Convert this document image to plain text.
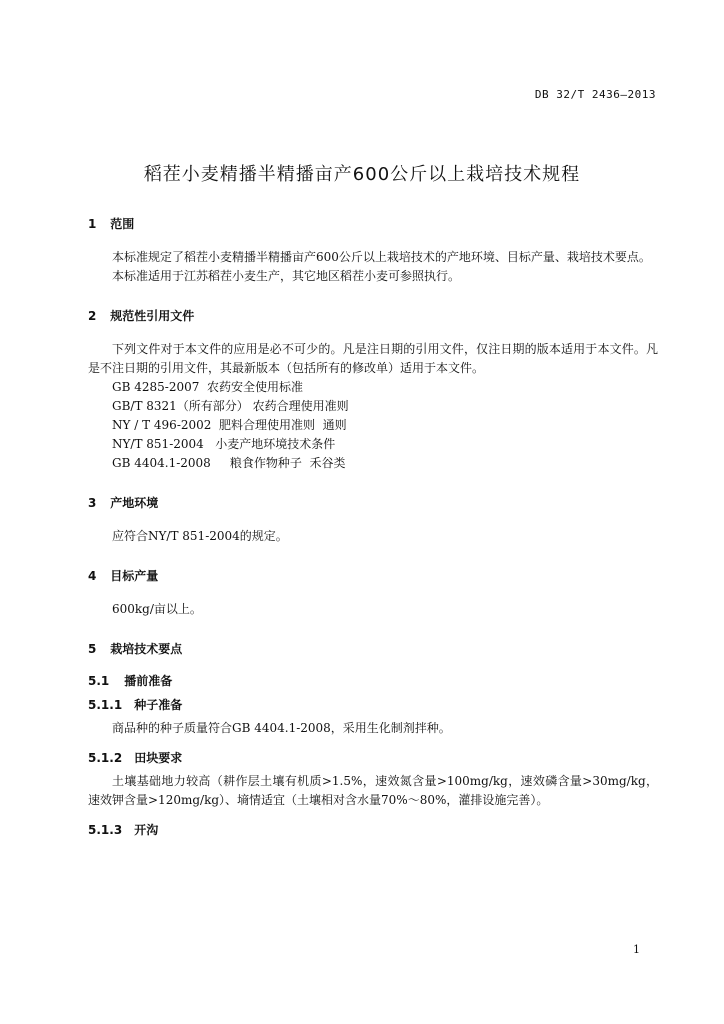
DB 32/T 2436—2013
稻茬小麦精播半精播亩产600公斤以上栽培技术规程
1 范围

本标准规定了稻茬小麦精播半精播亩产600公斤以上栽培技术的产地环境、目标产量、栽培技术要点。

本标准适用于江苏稻茬小麦生产，其它地区稻茬小麦可参照执行。

2 规范性引用文件

下列文件对于本文件的应用是必不可少的。凡是注日期的引用文件，仅注日期的版本适用于本文件。凡是不注日期的引用文件，其最新版本（包括所有的修改单）适用于本文件。

GB 4285-2007  农药安全使用标准
GB/T 8321（所有部分） 农药合理使用准则
NY / T 496-2002  肥料合理使用准则  通则
NY/T 851-2004   小麦产地环境技术条件
GB 4404.1-2008     粮食作物种子  禾谷类
3 产地环境

应符合NY/T 851-2004的规定。

4 目标产量

600kg/亩以上。

5 栽培技术要点
5.1 播前准备
5.1.1 种子准备

商品种的种子质量符合GB 4404.1-2008，采用生化制剂拌种。

5.1.2 田块要求

土壤基础地力较高（耕作层土壤有机质>1.5%，速效氮含量>100mg/kg，速效磷含量>30mg/kg，速效钾含量>120mg/kg）、墒情适宜（土壤相对含水量70%～80%，灌排设施完善）。

5.1.3 开沟
1
